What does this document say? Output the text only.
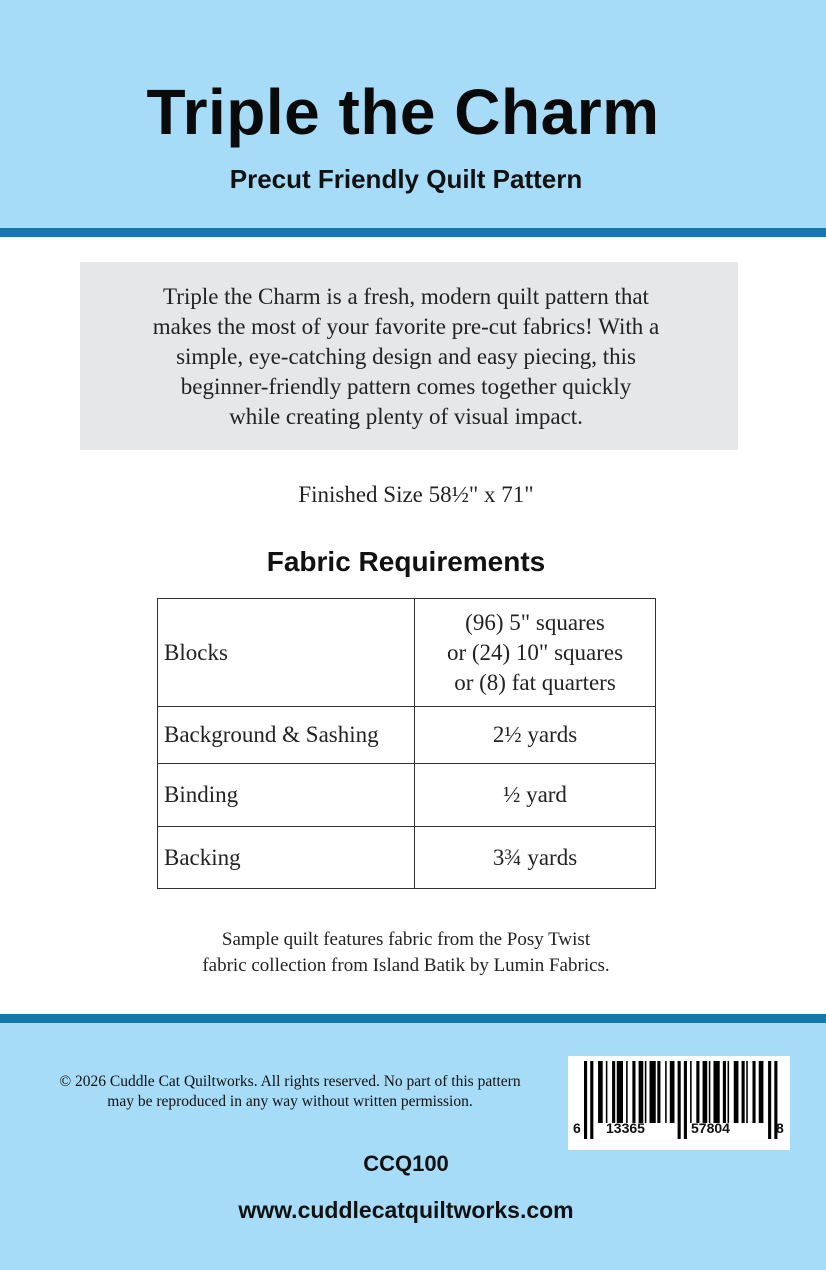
Triple the Charm
Precut Friendly Quilt Pattern
Triple the Charm is a fresh, modern quilt pattern that
makes the most of your favorite pre-cut fabrics! With a
simple, eye-catching design and easy piecing, this
beginner-friendly pattern comes together quickly
while creating plenty of visual impact.
Finished Size 58½" x 71"
Fabric Requirements
Blocks	(96) 5" squares
or (24) 10" squares
or (8) fat quarters

Background & Sashing	2½ yards
Binding	½ yard
Backing	3¾ yards
Sample quilt features fabric from the Posy Twist
fabric collection from Island Batik by Lumin Fabrics.
© 2026 Cuddle Cat Quiltworks. All rights reserved. No part of this pattern
may be reproduced in any way without written permission.
6 13365	57804	8
CCQ100
www.cuddlecatquiltworks.com
